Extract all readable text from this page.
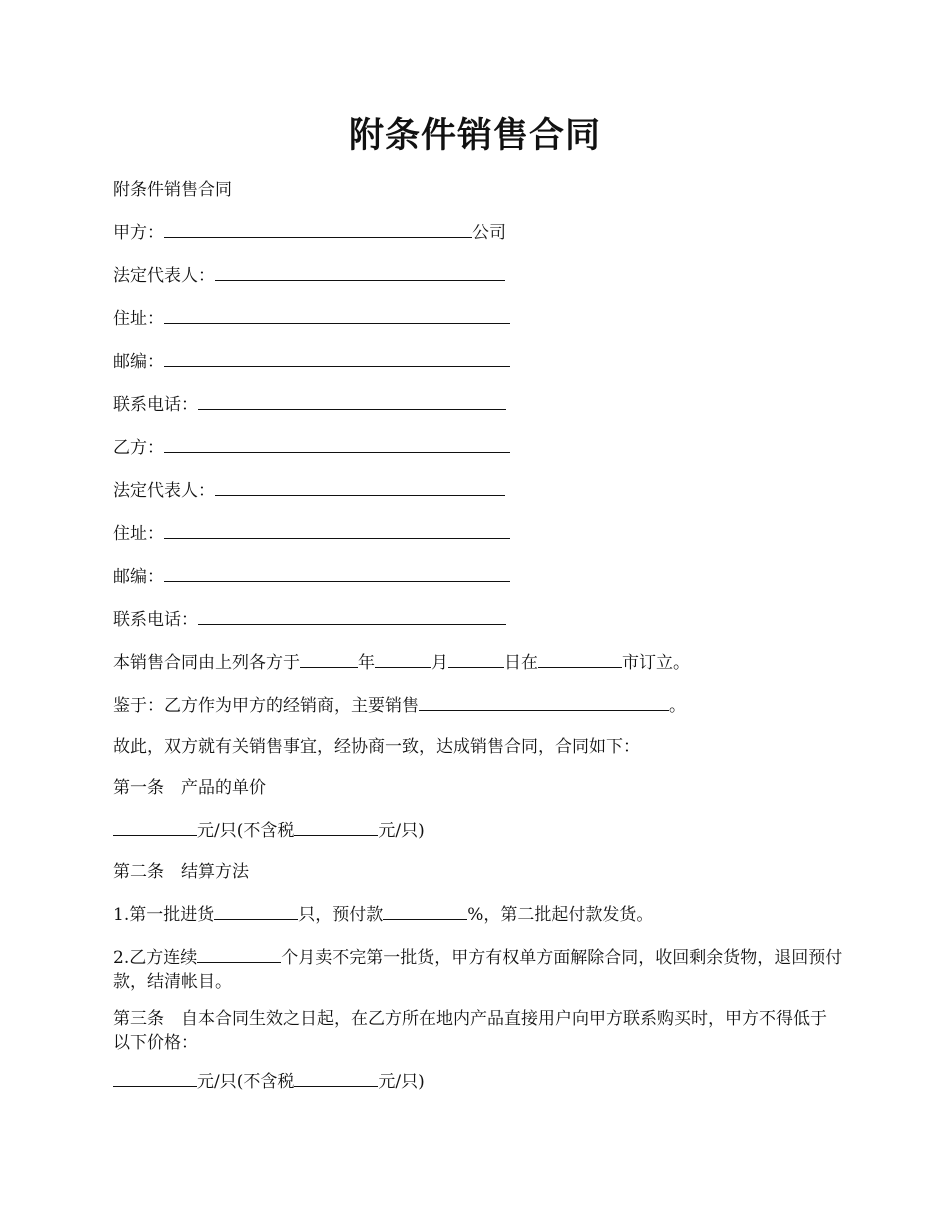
附条件销售合同

附条件销售合同

甲方：	公司

法定代表人：

住址：

邮编：

联系电话：

乙方：

法定代表人：

住址：

邮编：

联系电话：

本销售合同由上列各方于	年	月	日在	市订立。

鉴于：乙方作为甲方的经销商，主要销售	。

故此，双方就有关销售事宜，经协商一致，达成销售合同，合同如下：

第一条　产品的单价

元/只(不含税	元/只)

第二条　结算方法

1.第一批进货	只，预付款	%，第二批起付款发货。

2.乙方连续	个月卖不完第一批货，甲方有权单方面解除合同，收回剩余货物，退回预付款，结清帐目。

第三条　自本合同生效之日起，在乙方所在地内产品直接用户向甲方联系购买时，甲方不得低于以下价格：

元/只(不含税	元/只)
